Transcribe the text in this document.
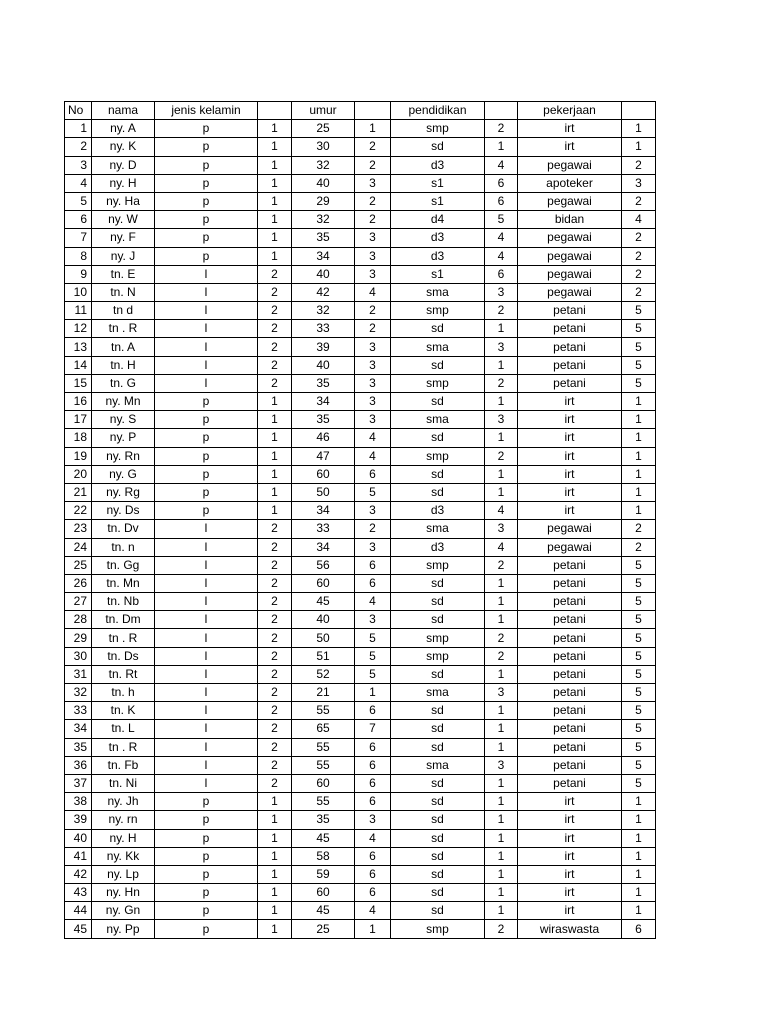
No	nama	jenis kelamin		umur		pendidikan		pekerjaan	
1	ny. A	p	1	25	1	smp	2	irt	1
2	ny. K	p	1	30	2	sd	1	irt	1
3	ny. D	p	1	32	2	d3	4	pegawai	2
4	ny. H	p	1	40	3	s1	6	apoteker	3
5	ny. Ha	p	1	29	2	s1	6	pegawai	2
6	ny. W	p	1	32	2	d4	5	bidan	4
7	ny. F	p	1	35	3	d3	4	pegawai	2
8	ny. J	p	1	34	3	d3	4	pegawai	2
9	tn. E	l	2	40	3	s1	6	pegawai	2
10	tn. N	l	2	42	4	sma	3	pegawai	2
11	tn d	l	2	32	2	smp	2	petani	5
12	tn . R	l	2	33	2	sd	1	petani	5
13	tn. A	l	2	39	3	sma	3	petani	5
14	tn. H	l	2	40	3	sd	1	petani	5
15	tn. G	l	2	35	3	smp	2	petani	5
16	ny. Mn	p	1	34	3	sd	1	irt	1
17	ny. S	p	1	35	3	sma	3	irt	1
18	ny. P	p	1	46	4	sd	1	irt	1
19	ny. Rn	p	1	47	4	smp	2	irt	1
20	ny. G	p	1	60	6	sd	1	irt	1
21	ny. Rg	p	1	50	5	sd	1	irt	1
22	ny. Ds	p	1	34	3	d3	4	irt	1
23	tn. Dv	l	2	33	2	sma	3	pegawai	2
24	tn. n	l	2	34	3	d3	4	pegawai	2
25	tn. Gg	l	2	56	6	smp	2	petani	5
26	tn. Mn	l	2	60	6	sd	1	petani	5
27	tn. Nb	l	2	45	4	sd	1	petani	5
28	tn. Dm	l	2	40	3	sd	1	petani	5
29	tn . R	l	2	50	5	smp	2	petani	5
30	tn. Ds	l	2	51	5	smp	2	petani	5
31	tn. Rt	l	2	52	5	sd	1	petani	5
32	tn. h	l	2	21	1	sma	3	petani	5
33	tn. K	l	2	55	6	sd	1	petani	5
34	tn. L	l	2	65	7	sd	1	petani	5
35	tn . R	l	2	55	6	sd	1	petani	5
36	tn. Fb	l	2	55	6	sma	3	petani	5
37	tn. Ni	l	2	60	6	sd	1	petani	5
38	ny. Jh	p	1	55	6	sd	1	irt	1
39	ny. rn	p	1	35	3	sd	1	irt	1
40	ny. H	p	1	45	4	sd	1	irt	1
41	ny. Kk	p	1	58	6	sd	1	irt	1
42	ny. Lp	p	1	59	6	sd	1	irt	1
43	ny. Hn	p	1	60	6	sd	1	irt	1
44	ny. Gn	p	1	45	4	sd	1	irt	1
45	ny. Pp	p	1	25	1	smp	2	wiraswasta	6
